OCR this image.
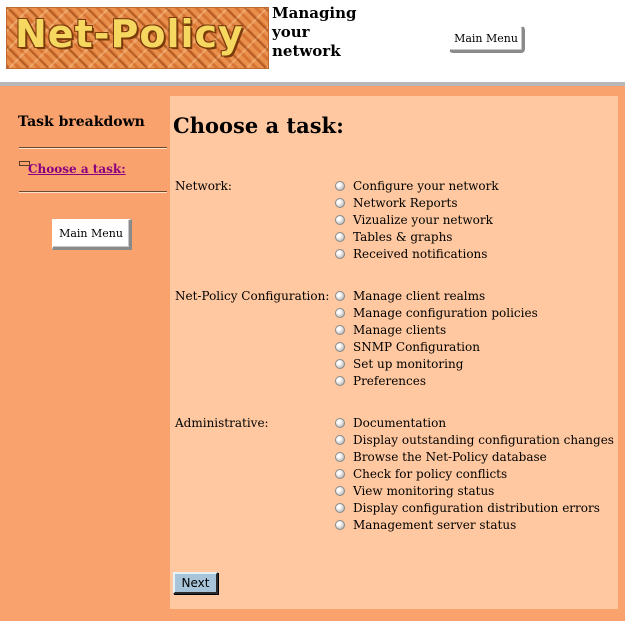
Net-Policy Managing
your
network

Main Menu
Task breakdown
Choose a task:
Main Menu
Choose a task:
Network:	Configure your network
Network Reports
Vizualize your network
Tables & graphs
Received notifications
Net-Policy Configuration: Manage client realms
Manage configuration policies
Manage clients
SNMP Configuration
Set up monitoring
Preferences
Administrative:	Documentation
Display outstanding configuration changes
Browse the Net-Policy database
Check for policy conflicts
View monitoring status
Display configuration distribution errors
Management server status
Next
